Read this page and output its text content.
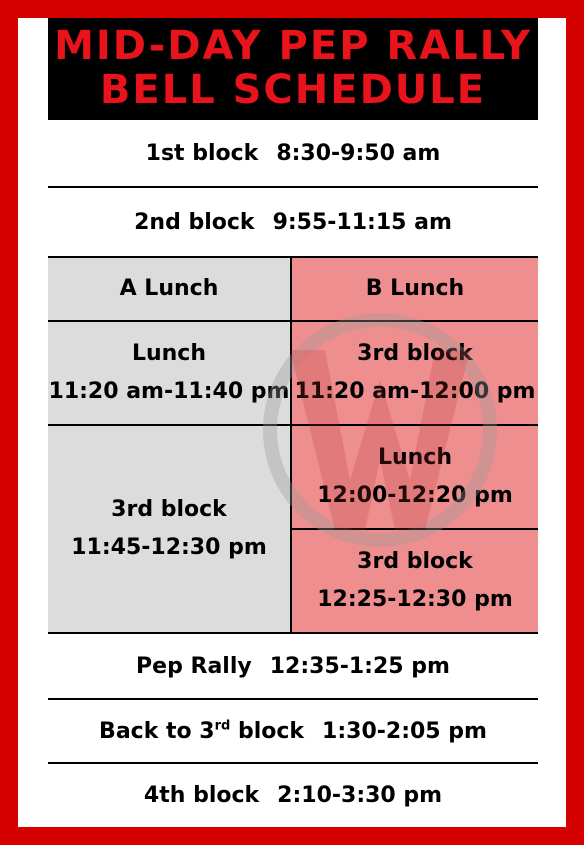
MID-DAY PEP RALLY
BELL SCHEDULE
1st block 8:30-9:50 am
2nd block 9:55-11:15 am
A Lunch	B Lunch
Lunch
11:20 am-11:40 pm
3rd block
11:20 am-12:00 pm
3rd block
11:45-12:30 pm
Lunch
12:00-12:20 pm
3rd block
12:25-12:30 pm
Pep Rally 12:35-1:25 pm
Back to 3rd block 1:30-2:05 pm
4th block 2:10-3:30 pm
